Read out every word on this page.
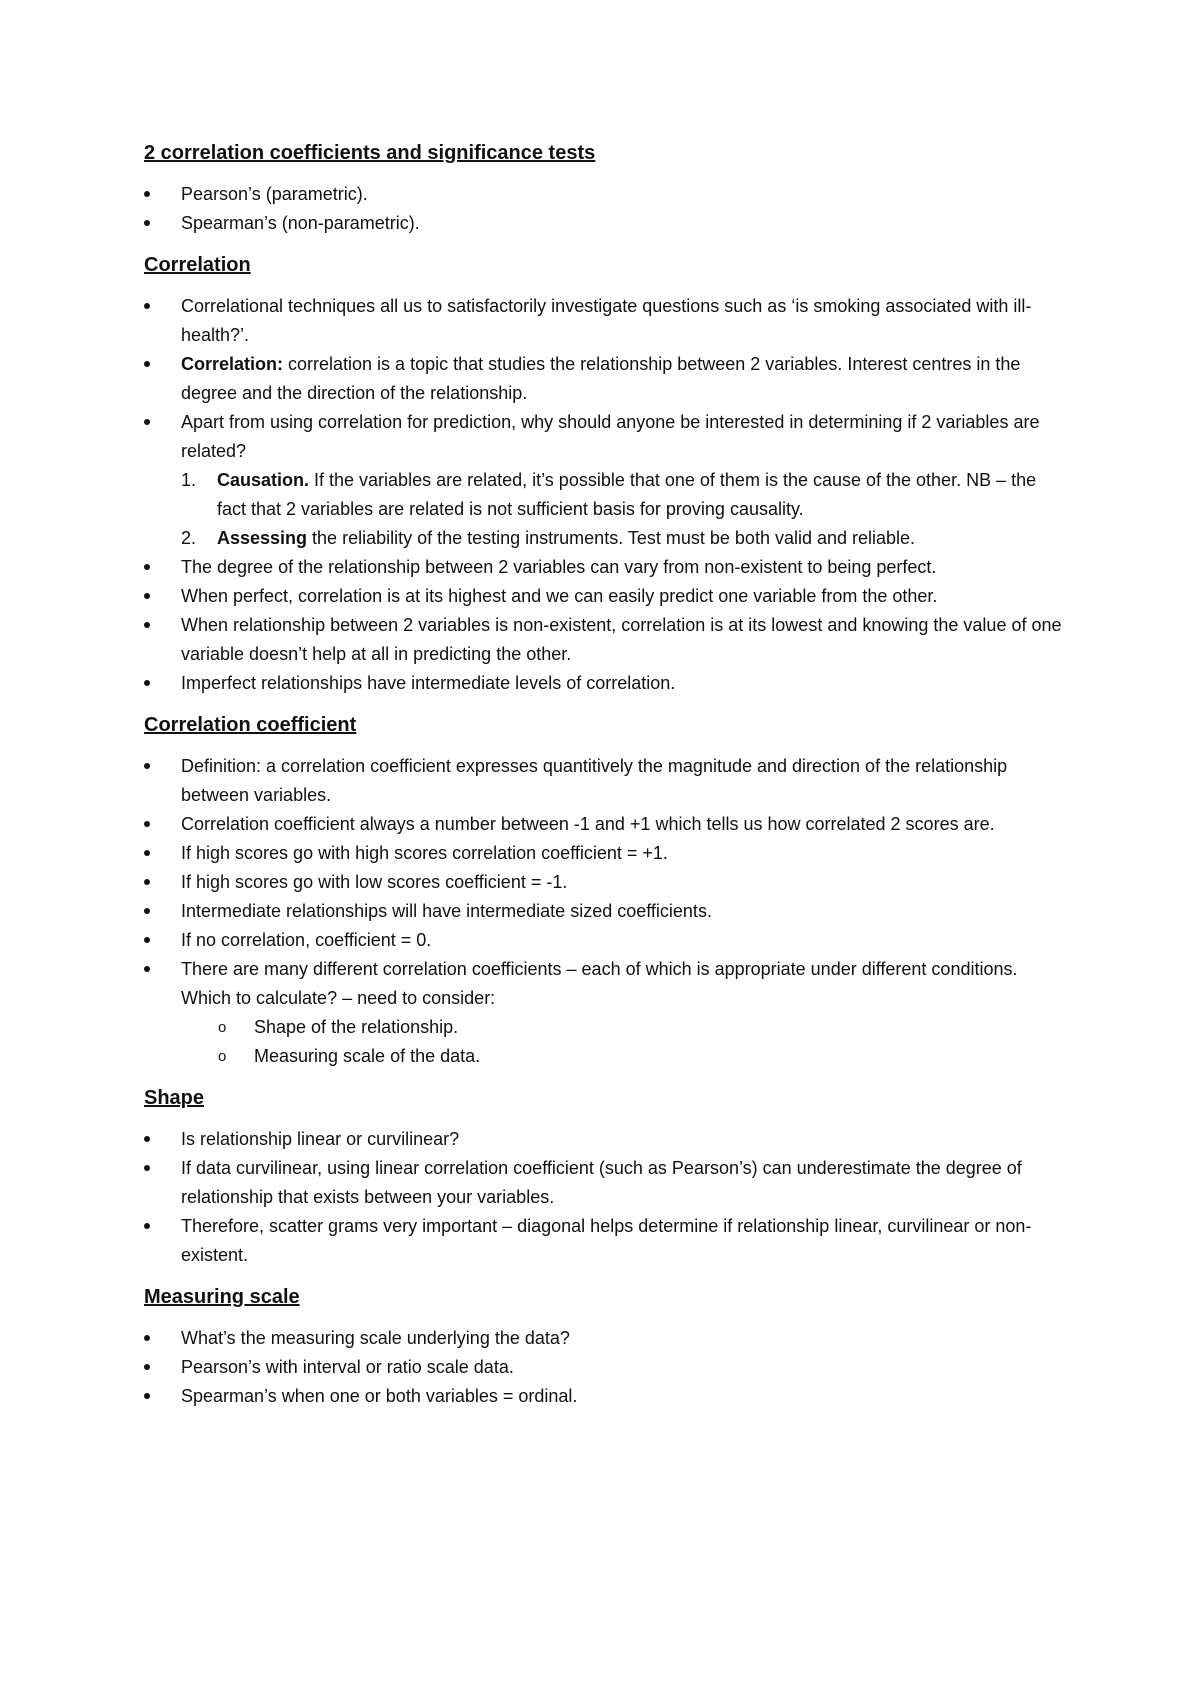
2 correlation coefficients and significance tests
Pearson’s (parametric).
Spearman’s (non-parametric).
Correlation
Correlational techniques all us to satisfactorily investigate questions such as ‘is smoking associated with ill-health?’.
Correlation: correlation is a topic that studies the relationship between 2 variables. Interest centres in the degree and the direction of the relationship.
Apart from using correlation for prediction, why should anyone be interested in determining if 2 variables are related?
1. Causation. If the variables are related, it’s possible that one of them is the cause of the other. NB – the fact that 2 variables are related is not sufficient basis for proving causality.
2. Assessing the reliability of the testing instruments. Test must be both valid and reliable.
The degree of the relationship between 2 variables can vary from non-existent to being perfect.
When perfect, correlation is at its highest and we can easily predict one variable from the other.
When relationship between 2 variables is non-existent, correlation is at its lowest and knowing the value of one variable doesn’t help at all in predicting the other.
Imperfect relationships have intermediate levels of correlation.
Correlation coefficient
Definition: a correlation coefficient expresses quantitively the magnitude and direction of the relationship between variables.
Correlation coefficient always a number between -1 and +1 which tells us how correlated 2 scores are.
If high scores go with high scores correlation coefficient = +1.
If high scores go with low scores coefficient = -1.
Intermediate relationships will have intermediate sized coefficients.
If no correlation, coefficient = 0.
There are many different correlation coefficients – each of which is appropriate under different conditions. Which to calculate? – need to consider:
o Shape of the relationship.
o Measuring scale of the data.
Shape
Is relationship linear or curvilinear?
If data curvilinear, using linear correlation coefficient (such as Pearson’s) can underestimate the degree of relationship that exists between your variables.
Therefore, scatter grams very important – diagonal helps determine if relationship linear, curvilinear or non-existent.
Measuring scale
What’s the measuring scale underlying the data?
Pearson’s with interval or ratio scale data.
Spearman’s when one or both variables = ordinal.
